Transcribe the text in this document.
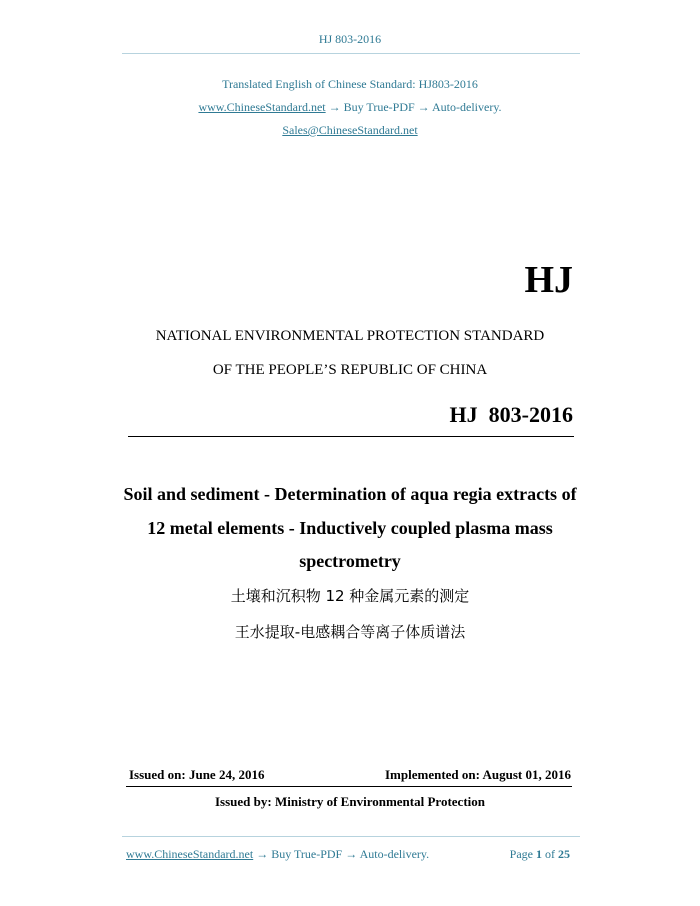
HJ 803-2016
Translated English of Chinese Standard: HJ803-2016
www.ChineseStandard.net → Buy True-PDF → Auto-delivery.
Sales@ChineseStandard.net
HJ
NATIONAL ENVIRONMENTAL PROTECTION STANDARD
OF THE PEOPLE’S REPUBLIC OF CHINA
HJ  803-2016
Soil and sediment - Determination of aqua regia extracts of
12 metal elements - Inductively coupled plasma mass
spectrometry
土壤和沉积物 12 种金属元素的测定
王水提取-电感耦合等离子体质谱法
Issued on: June 24, 2016	Implemented on: August 01, 2016
Issued by: Ministry of Environmental Protection
www.ChineseStandard.net → Buy True-PDF → Auto-delivery.	Page 1 of 25
